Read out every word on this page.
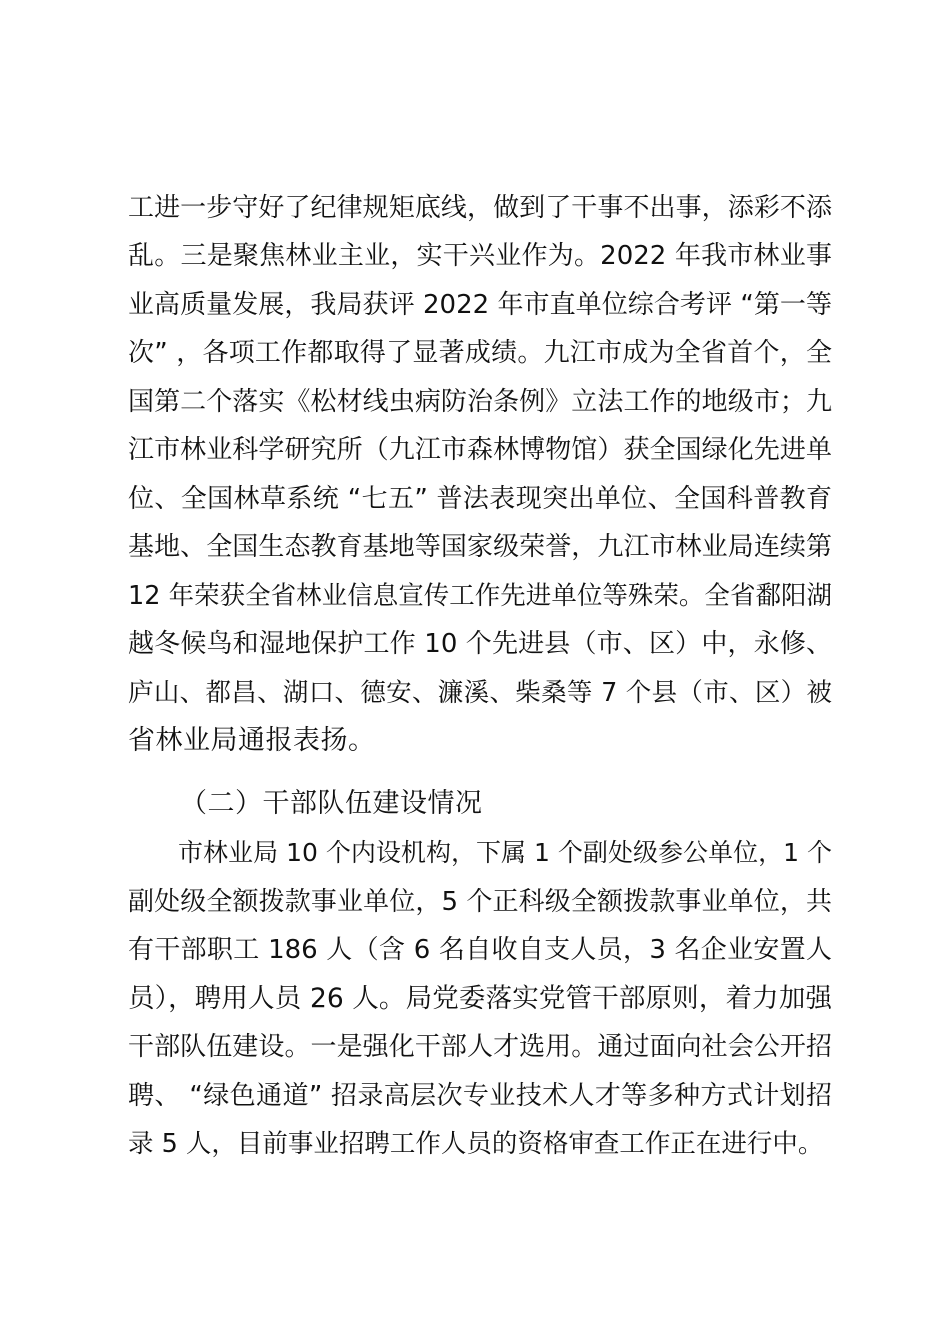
工进一步守好了纪律规矩底线，做到了干事不出事，添彩不添
乱。三是聚焦林业主业，实干兴业作为。2022 年我市林业事
业高质量发展，我局获评 2022 年市直单位综合考评 “第一等
次” ，各项工作都取得了显著成绩。九江市成为全省首个，全
国第二个落实《松材线虫病防治条例》立法工作的地级市；九
江市林业科学研究所（九江市森林博物馆）获全国绿化先进单
位、全国林草系统 “七五” 普法表现突出单位、全国科普教育
基地、全国生态教育基地等国家级荣誉，九江市林业局连续第
12 年荣获全省林业信息宣传工作先进单位等殊荣。全省鄱阳湖
越冬候鸟和湿地保护工作 10 个先进县（市、区）中，永修、
庐山、都昌、湖口、德安、濂溪、柴桑等 7 个县（市、区）被
省林业局通报表扬。
（二）干部队伍建设情况
市林业局 10 个内设机构，下属 1 个副处级参公单位，1 个
副处级全额拨款事业单位，5 个正科级全额拨款事业单位，共
有干部职工 186 人（含 6 名自收自支人员，3 名企业安置人
员），聘用人员 26 人。局党委落实党管干部原则，着力加强
干部队伍建设。一是强化干部人才选用。通过面向社会公开招
聘、 “绿色通道” 招录高层次专业技术人才等多种方式计划招
录 5 人，目前事业招聘工作人员的资格审查工作正在进行中。
